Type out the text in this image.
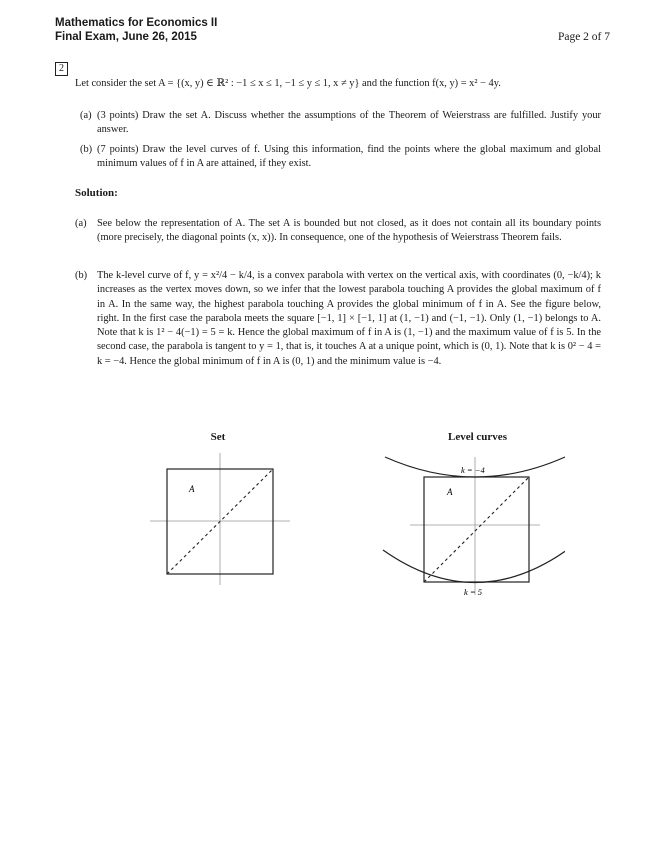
Mathematics for Economics II
Final Exam, June 26, 2015	Page 2 of 7
2
Let consider the set A = {(x, y) ∈ ℝ² : −1 ≤ x ≤ 1, −1 ≤ y ≤ 1, x ≠ y} and the function f(x, y) = x² − 4y.
(a) (3 points) Draw the set A. Discuss whether the assumptions of the Theorem of Weierstrass are fulfilled. Justify your answer.
(b) (7 points) Draw the level curves of f. Using this information, find the points where the global maximum and global minimum values of f in A are attained, if they exist.
Solution:
(a) See below the representation of A. The set A is bounded but not closed, as it does not contain all its boundary points (more precisely, the diagonal points (x, x)). In consequence, one of the hypothesis of Weierstrass Theorem fails.
(b) The k-level curve of f, y = x²/4 − k/4, is a convex parabola with vertex on the vertical axis, with coordinates (0, −k/4); k increases as the vertex moves down, so we infer that the lowest parabola touching A provides the global maximum of f in A. In the same way, the highest parabola touching A provides the global minimum of f in A. See the figure below, right. In the first case the parabola meets the square [−1, 1] × [−1, 1] at (1, −1) and (−1, −1). Only (1, −1) belongs to A. Note that k is 1² − 4(−1) = 5 = k. Hence the global maximum of f in A is (1, −1) and the maximum value of f is 5. In the second case, the parabola is tangent to y = 1, that is, it touches A at a unique point, which is (0, 1). Note that k is 0² − 4 = k = −4. Hence the global minimum of f in A is (0, 1) and the minimum value is −4.
Set
A
Level curves
A
k = −4
k = 5
